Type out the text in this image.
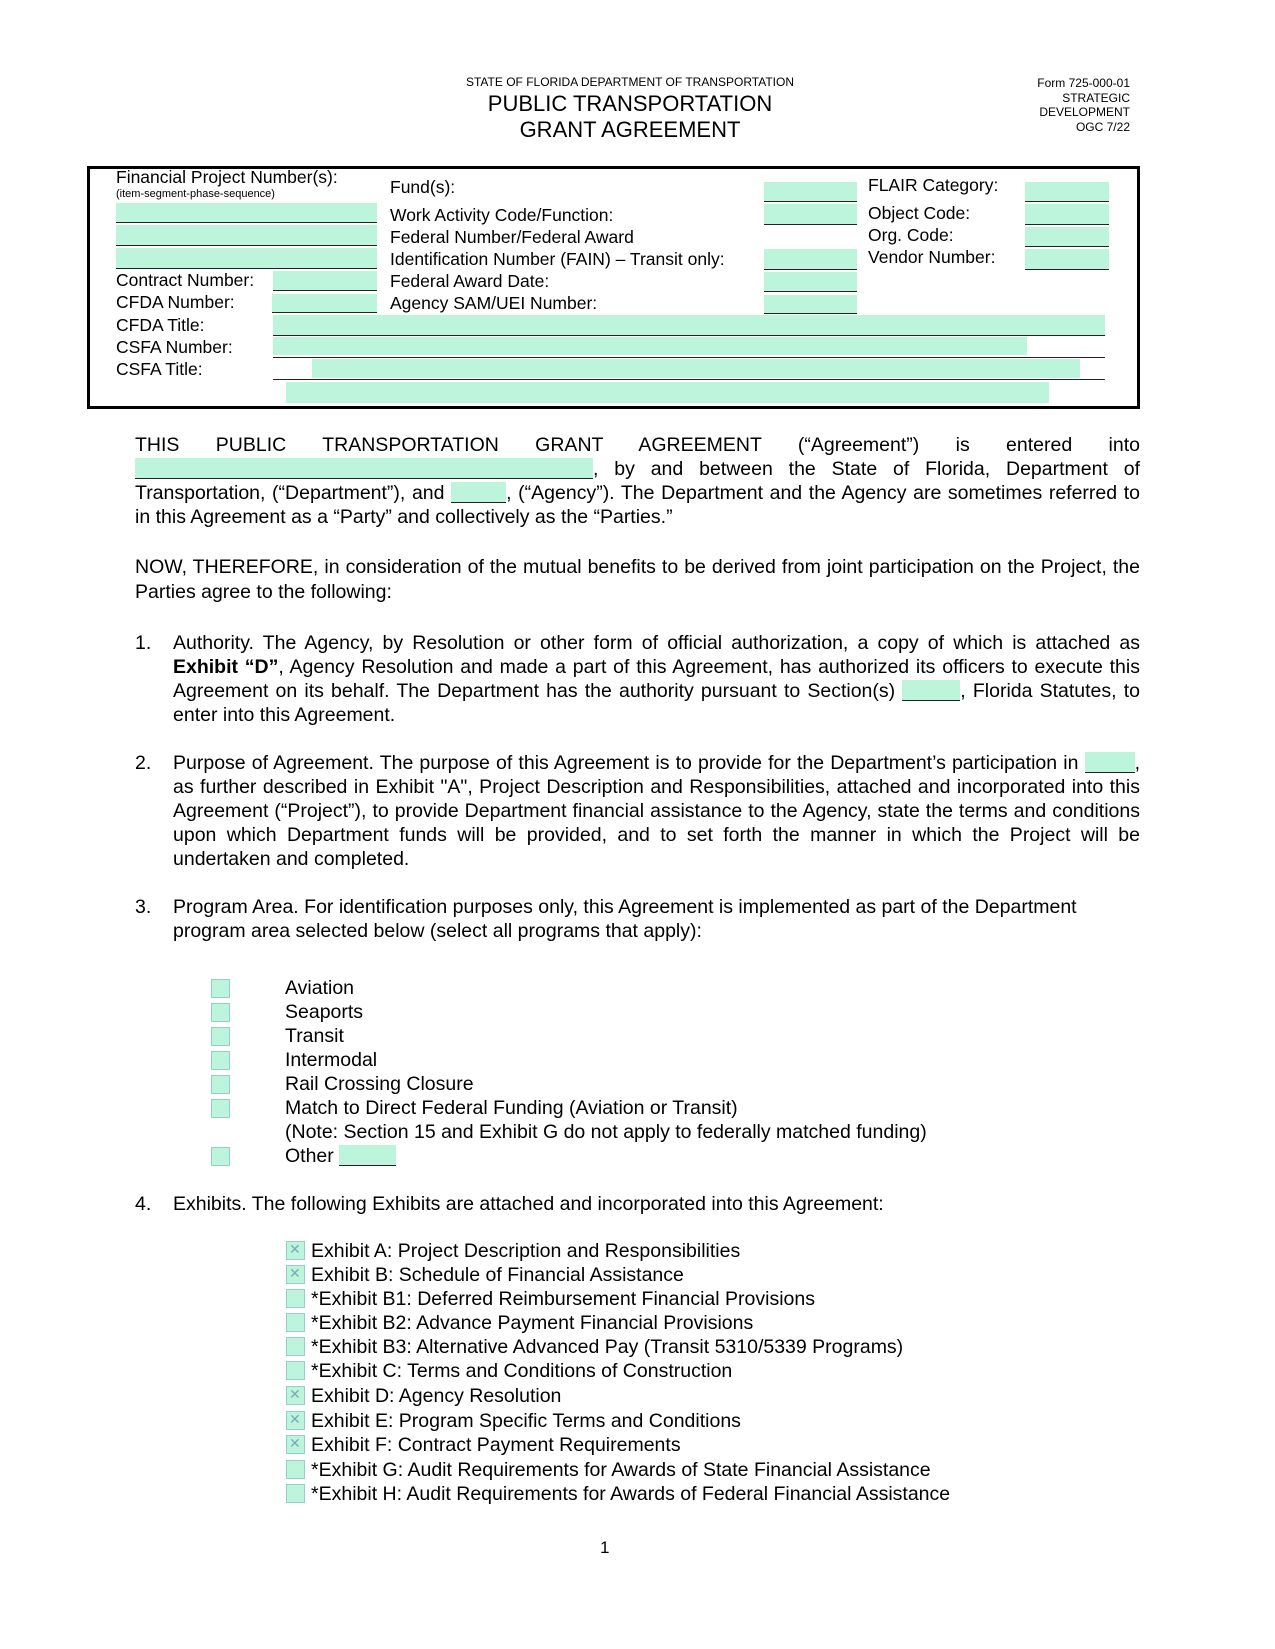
STATE OF FLORIDA DEPARTMENT OF TRANSPORTATION
PUBLIC TRANSPORTATION
GRANT AGREEMENT
Form 725-000-01
STRATEGIC
DEVELOPMENT
OGC 7/22
Financial Project Number(s):
(item-segment-phase-sequence)
Contract Number:
CFDA Number:
CFDA Title:
CSFA Number:
CSFA Title:
Fund(s):
Work Activity Code/Function:
Federal Number/Federal Award
Identification Number (FAIN) – Transit only:
Federal Award Date:
Agency SAM/UEI Number:
FLAIR Category:
Object Code:
Org. Code:
Vendor Number:

THIS PUBLIC TRANSPORTATION GRANT AGREEMENT (“Agreement”) is entered into

, by and between the State of Florida, Department of Transportation, (“Department”), and	, (“Agency”). The Department and the Agency are sometimes referred to in this Agreement as a “Party” and collectively as the “Parties.”

NOW, THEREFORE, in consideration of the mutual benefits to be derived from joint participation on the Project, the Parties agree to the following:

1. Authority. The Agency, by Resolution or other form of official authorization, a copy of which is attached as Exhibit “D”, Agency Resolution and made a part of this Agreement, has authorized its officers to execute this Agreement on its behalf. The Department has the authority pursuant to Section(s)	, Florida Statutes, to enter into this Agreement.
2. Purpose of Agreement. The purpose of this Agreement is to provide for the Department’s participation in	, as further described in Exhibit "A", Project Description and Responsibilities, attached and incorporated into this Agreement (“Project”), to provide Department financial assistance to the Agency, state the terms and conditions upon which Department funds will be provided, and to set forth the manner in which the Project will be undertaken and completed.
3. Program Area. For identification purposes only, this Agreement is implemented as part of the Department program area selected below (select all programs that apply):
Aviation
Seaports
Transit
Intermodal
Rail Crossing Closure
Match to Direct Federal Funding (Aviation or Transit)
(Note: Section 15 and Exhibit G do not apply to federally matched funding)
Other
4. Exhibits. The following Exhibits are attached and incorporated into this Agreement:
✕Exhibit A: Project Description and Responsibilities
✕Exhibit B: Schedule of Financial Assistance
*Exhibit B1: Deferred Reimbursement Financial Provisions
*Exhibit B2: Advance Payment Financial Provisions
*Exhibit B3: Alternative Advanced Pay (Transit 5310/5339 Programs)
*Exhibit C: Terms and Conditions of Construction
✕Exhibit D: Agency Resolution
✕Exhibit E: Program Specific Terms and Conditions
✕Exhibit F: Contract Payment Requirements
*Exhibit G: Audit Requirements for Awards of State Financial Assistance
*Exhibit H: Audit Requirements for Awards of Federal Financial Assistance
1
